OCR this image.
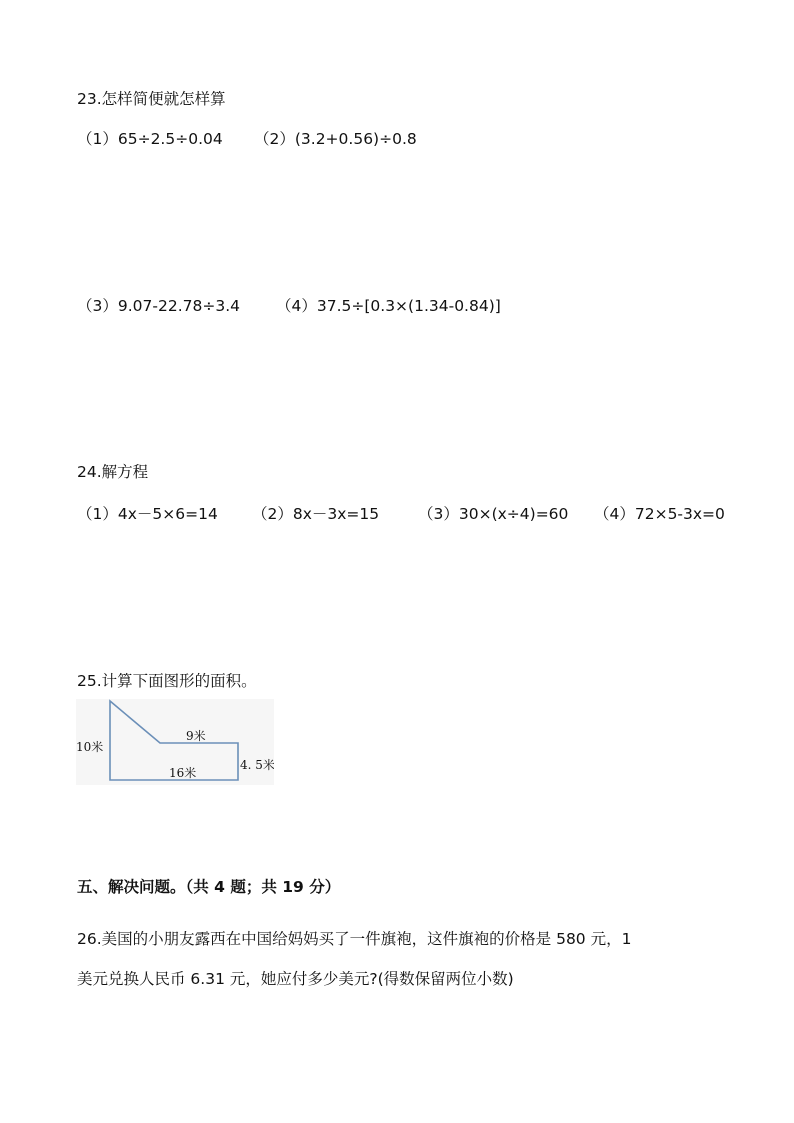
23.怎样简便就怎样算
（1）65÷2.5÷0.04 （2）(3.2+0.56)÷0.8
（3）9.07-22.78÷3.4 （4）37.5÷[0.3×(1.34-0.84)]
24.解方程
（1）4x－5×6=14 （2）8x－3x=15	（3）30×(x÷4)=60 （4）72×5-3x=0
25.计算下面图形的面积。
10米
9米
16米
4. 5米
五、解决问题。（共 4 题；共 19 分）
26.美国的小朋友露西在中国给妈妈买了一件旗袍，这件旗袍的价格是 580 元，1
美元兑换人民币 6.31 元，她应付多少美元?(得数保留两位小数)
